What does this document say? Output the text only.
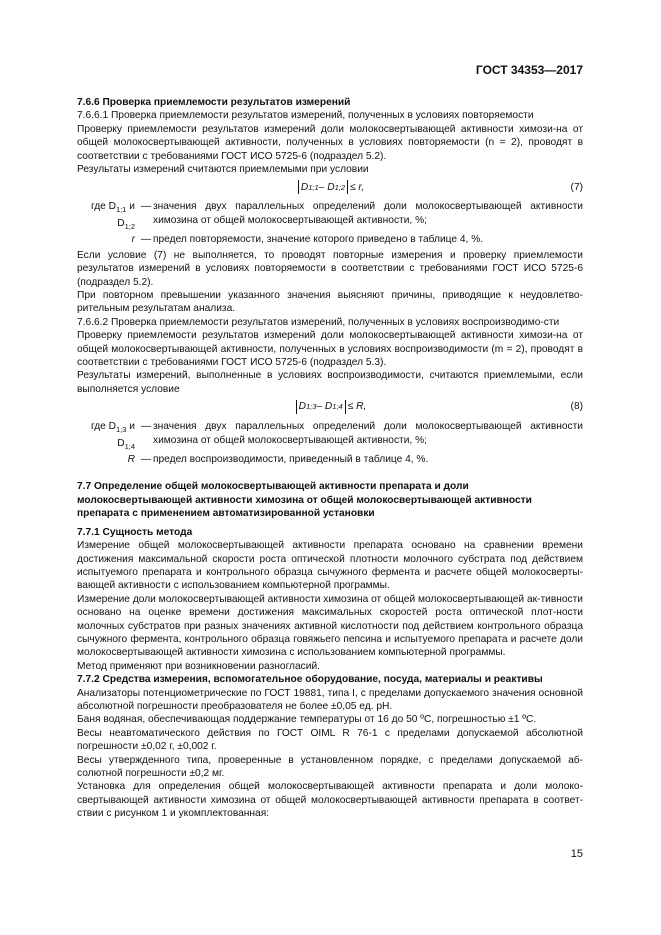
ГОСТ 34353—2017

7.6.6 Проверка приемлемости результатов измерений

7.6.6.1 Проверка приемлемости результатов измерений, полученных в условиях повторяемости

Проверку приемлемости результатов измерений доли молокосвертывающей активности химози-на от общей молокосвертывающей активности, полученных в условиях повторяемости (n = 2), проводят в соответствии с требованиями ГОСТ ИСО 5725-6 (подраздел 5.2).

Результаты измерений считаются приемлемыми при условии

D 1;1 – D 1;2 ≤ r,	(7)
где $D_{1;1}$ и $D_{1;2}$
— значения двух параллельных определений доли молокосвертывающей активности химозина от общей молокосвертывающей активности, %;
r — предел повторяемости, значение которого приведено в таблице 4, %.

Если условие (7) не выполняется, то проводят повторные измерения и проверку приемлемости результатов измерений в условиях повторяемости в соответствии с требованиями ГОСТ ИСО 5725-6 (подраздел 5.2).

При повторном превышении указанного значения выясняют причины, приводящие к неудовлетво-рительным результатам анализа.

7.6.6.2 Проверка приемлемости результатов измерений, полученных в условиях воспроизводимо-сти

Проверку приемлемости результатов измерений доли молокосвертывающей активности химози-на от общей молокосвертывающей активности, полученных в условиях воспроизводимости (m = 2), проводят в соответствии с требованиями ГОСТ ИСО 5725-6 (подраздел 5.3).

Результаты измерений, выполненные в условиях воспроизводимости, считаются приемлемыми, если выполняется условие

D 1;3 – D 1;4 ≤ R,	(8)
где $D_{1;3}$ и $D_{1;4}$
— значения двух параллельных определений доли молокосвертывающей активности химозина от общей молокосвертывающей активности, %;
R — предел воспроизводимости, приведенный в таблице 4, %.

7.7 Определение общей молокосвертывающей активности препарата и доли молокосвертывающей активности химозина от общей молокосвертывающей активности препарата с применением автоматизированной установки

7.7.1 Сущность метода

Измерение общей молокосвертывающей активности препарата основано на сравнении времени достижения максимальной скорости роста оптической плотности молочного субстрата под действием испытуемого препарата и контрольного образца сычужного фермента и расчете общей молокосверты-вающей активности с использованием компьютерной программы.

Измерение доли молокосвертывающей активности химозина от общей молокосвертывающей ак-тивности основано на оценке времени достижения максимальных скоростей роста оптической плот-ности молочных субстратов при разных значениях активной кислотности под действием контрольного образца сычужного фермента, контрольного образца говяжьего пепсина и испытуемого препарата и расчете доли молокосвертывающей активности химозина с использованием компьютерной программы.

Метод применяют при возникновении разногласий.

7.7.2 Средства измерения, вспомогательное оборудование, посуда, материалы и реактивы

Анализаторы потенциометрические по ГОСТ 19881, типа I, с пределами допускаемого значения основной абсолютной погрешности преобразователя не более ±0,05 ед. pH.

Баня водяная, обеспечивающая поддержание температуры от 16 до 50 ºС, погрешностью ±1 ºС.

Весы неавтоматического действия по ГОСТ OIML R 76-1 с пределами допускаемой абсолютной погрешности ±0,02 г, ±0,002 г.

Весы утвержденного типа, проверенные в установленном порядке, с пределами допускаемой аб-солютной погрешности ±0,2 мг.

Установка для определения общей молокосвертывающей активности препарата и доли молоко-свертывающей активности химозина от общей молокосвертывающей активности препарата в соответ-ствии с рисунком 1 и укомплектованная:

15
